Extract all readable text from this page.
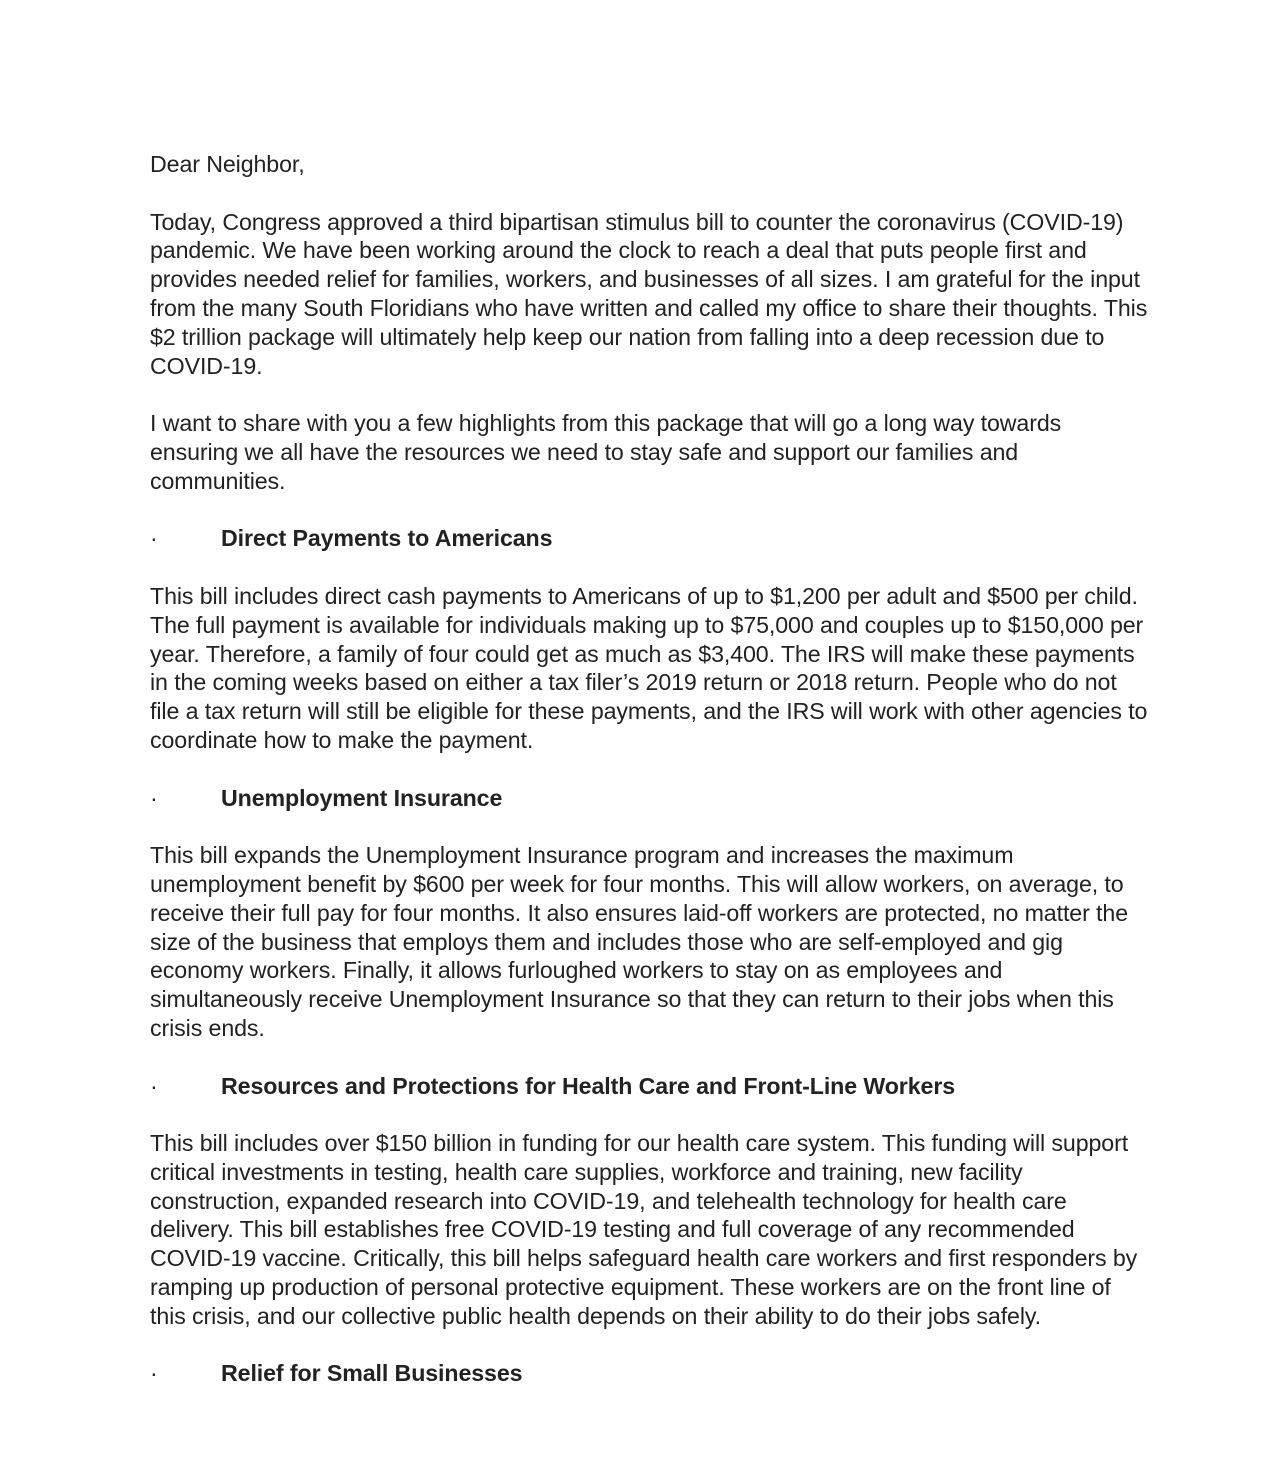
Dear Neighbor,

Today, Congress approved a third bipartisan stimulus bill to counter the coronavirus (COVID-19) pandemic. We have been working around the clock to reach a deal that puts people first and provides needed relief for families, workers, and businesses of all sizes. I am grateful for the input from the many South Floridians who have written and called my office to share their thoughts. This $2 trillion package will ultimately help keep our nation from falling into a deep recession due to COVID-19.

I want to share with you a few highlights from this package that will go a long way towards ensuring we all have the resources we need to stay safe and support our families and communities.

·	Direct Payments to Americans

This bill includes direct cash payments to Americans of up to $1,200 per adult and $500 per child. The full payment is available for individuals making up to $75,000 and couples up to $150,000 per year. Therefore, a family of four could get as much as $3,400. The IRS will make these payments in the coming weeks based on either a tax filer’s 2019 return or 2018 return. People who do not file a tax return will still be eligible for these payments, and the IRS will work with other agencies to coordinate how to make the payment.

·	Unemployment Insurance

This bill expands the Unemployment Insurance program and increases the maximum unemployment benefit by $600 per week for four months. This will allow workers, on average, to receive their full pay for four months. It also ensures laid-off workers are protected, no matter the size of the business that employs them and includes those who are self-employed and gig economy workers. Finally, it allows furloughed workers to stay on as employees and simultaneously receive Unemployment Insurance so that they can return to their jobs when this crisis ends.

·	Resources and Protections for Health Care and Front-Line Workers

This bill includes over $150 billion in funding for our health care system. This funding will support critical investments in testing, health care supplies, workforce and training, new facility construction, expanded research into COVID-19, and telehealth technology for health care delivery. This bill establishes free COVID-19 testing and full coverage of any recommended COVID-19 vaccine. Critically, this bill helps safeguard health care workers and first responders by ramping up production of personal protective equipment. These workers are on the front line of this crisis, and our collective public health depends on their ability to do their jobs safely.

·	Relief for Small Businesses
